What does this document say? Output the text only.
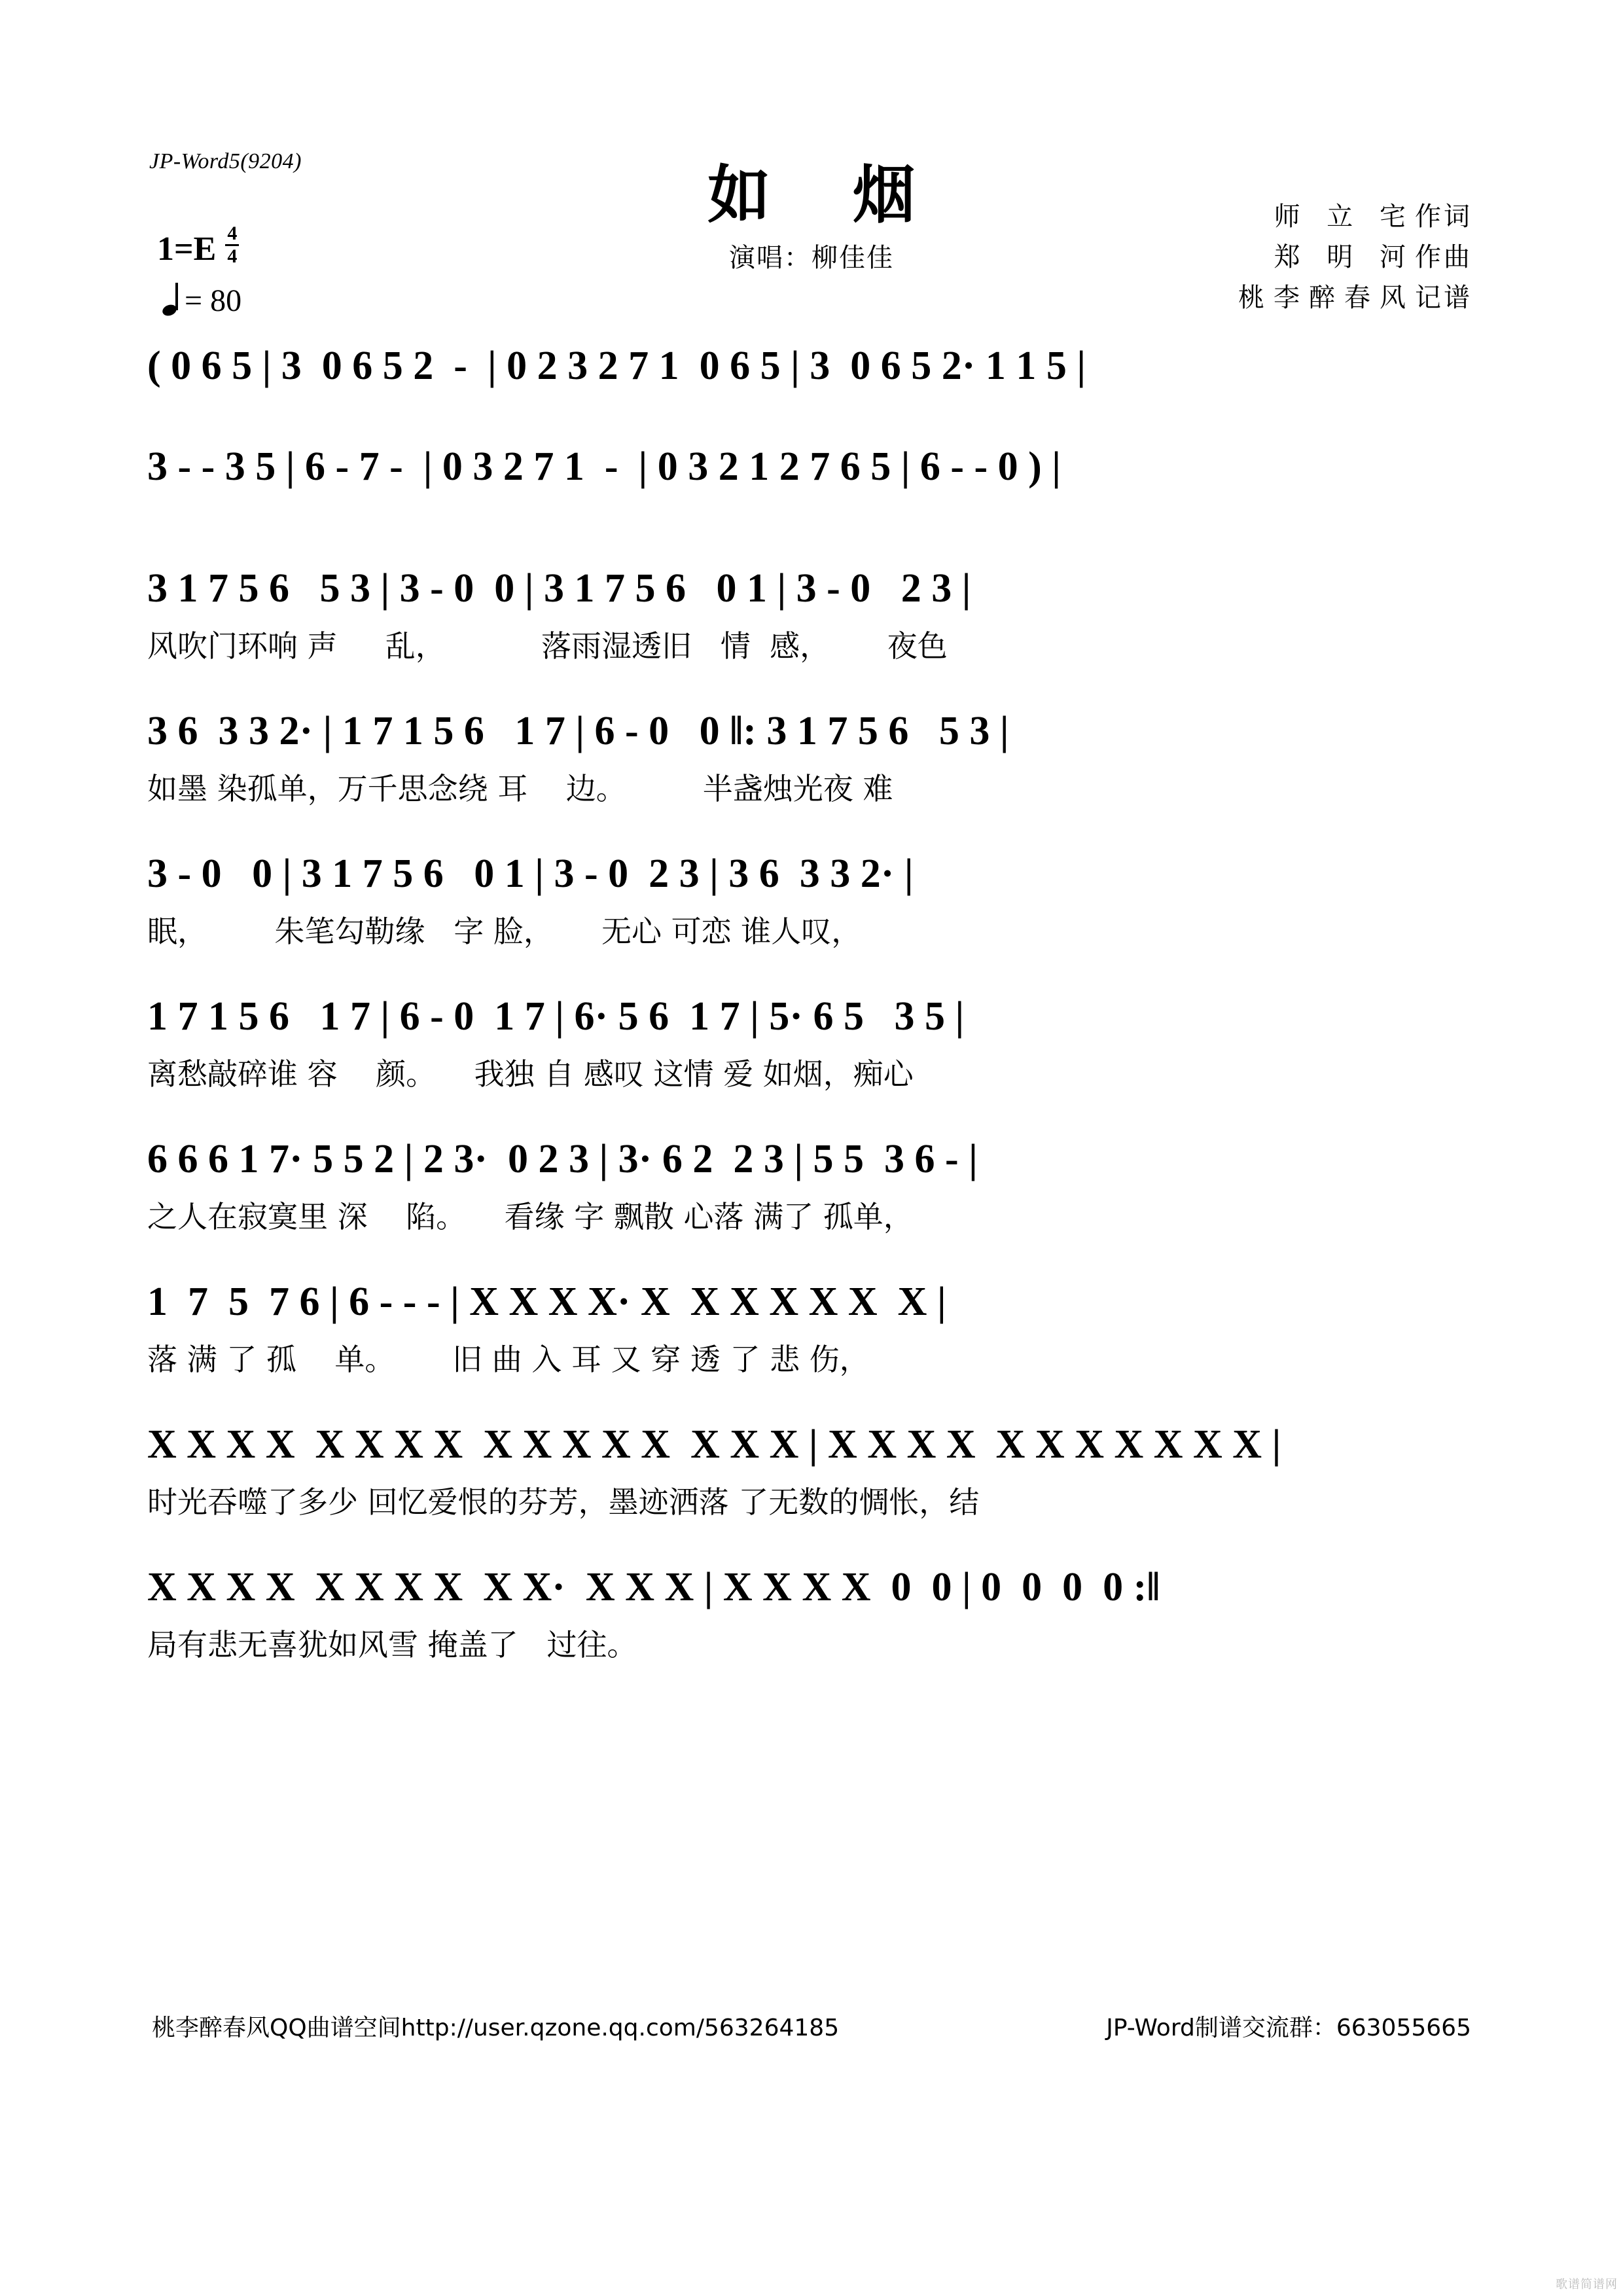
JP-Word5(9204)	如 烟
演唱：柳佳佳
师 立 宅作词
郑 明 河作曲
桃李醉春风记谱
$1=E \frac{4}{4}$
= 80
( 0 6 5 | 3  0 6 5 2  -  | 0 2 3 2 7 1  0 6 5 | 3  0 6 5 2· 1 1 5 |
3 - - 3 5 | 6 - 7 -  | 0 3 2 7 1  -  | 0 3 2 1 2 7 6 5 | 6 - - 0 ) |
3 1 7 5 6   5 3 | 3 - 0  0 | 3 1 7 5 6   0 1 | 3 - 0   2 3 |
风吹门环响 声     乱，          落雨湿透旧   情  感，      夜色
3 6  3 3 2· | 1 7 1 5 6   1 7 | 6 - 0   0 ‖: 3 1 7 5 6   5 3 |
如墨 染孤单，万千思念绕 耳    边。        半盏烛光夜 难
3 - 0   0 | 3 1 7 5 6   0 1 | 3 - 0  2 3 | 3 6  3 3 2· |
眠，       朱笔勾勒缘   字 脸，     无心 可恋 谁人叹，
1 7 1 5 6   1 7 | 6 - 0  1 7 | 6· 5 6  1 7 | 5· 6 5   3 5 |
离愁敲碎谁 容    颜。    我独 自 感叹 这情 爱 如烟，痴心
6 6 6 1 7· 5 5 2 | 2 3·  0 2 3 | 3· 6 2  2 3 | 5 5  3 6 - |
之人在寂寞里 深    陷。    看缘 字 飘散 心落 满了 孤单，
1  7  5  7 6 | 6 - - - | X X X X· X  X X X X X  X |
落 满 了 孤    单。      旧 曲 入 耳 又 穿 透 了 悲 伤，
X X X X  X X X X  X X X X X  X X X | X X X X  X X X X X X X |
时光吞噬了多少 回忆爱恨的芬芳，墨迹洒落 了无数的惆怅，结
X X X X  X X X X  X X·  X X X | X X X X  0  0 | 0  0  0  0 :‖
局有悲无喜犹如风雪 掩盖了   过往。
桃李醉春风QQ曲谱空间http://user.qzone.qq.com/563264185	JP-Word制谱交流群：663055665
歌谱简谱网
